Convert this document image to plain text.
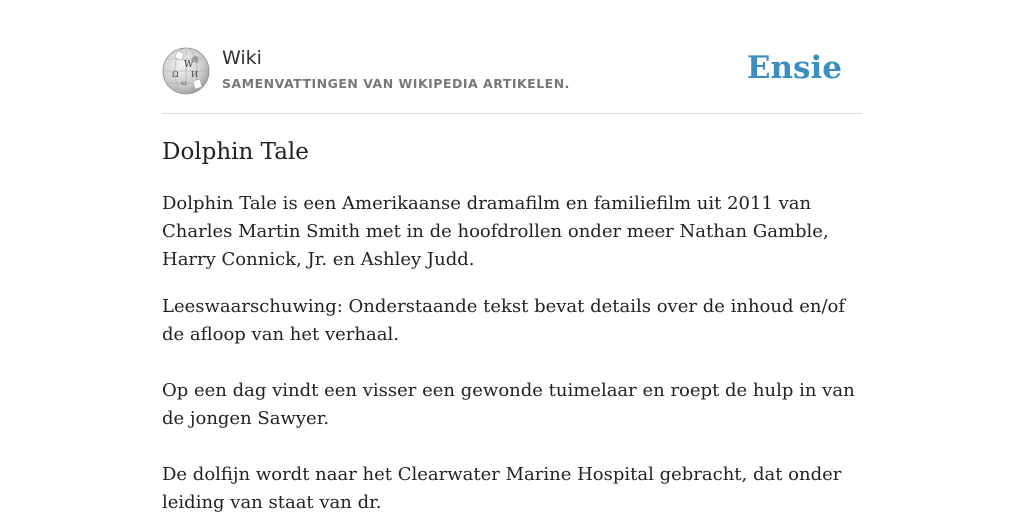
W
Ω И
ω
維 Wiki
SAMENVATTINGEN VAN WIKIPEDIA ARTIKELEN.	Ensie
Dolphin Tale

Dolphin Tale is een Amerikaanse dramafilm en familiefilm uit 2011 van Charles Martin Smith met in de hoofdrollen onder meer Nathan Gamble, Harry Connick, Jr. en Ashley Judd.

Leeswaarschuwing: Onderstaande tekst bevat details over de inhoud en/of de afloop van het verhaal.

Op een dag vindt een visser een gewonde tuimelaar en roept de hulp in van de jongen Sawyer.

De dolfijn wordt naar het Clearwater Marine Hospital gebracht, dat onder leiding van staat van dr.
